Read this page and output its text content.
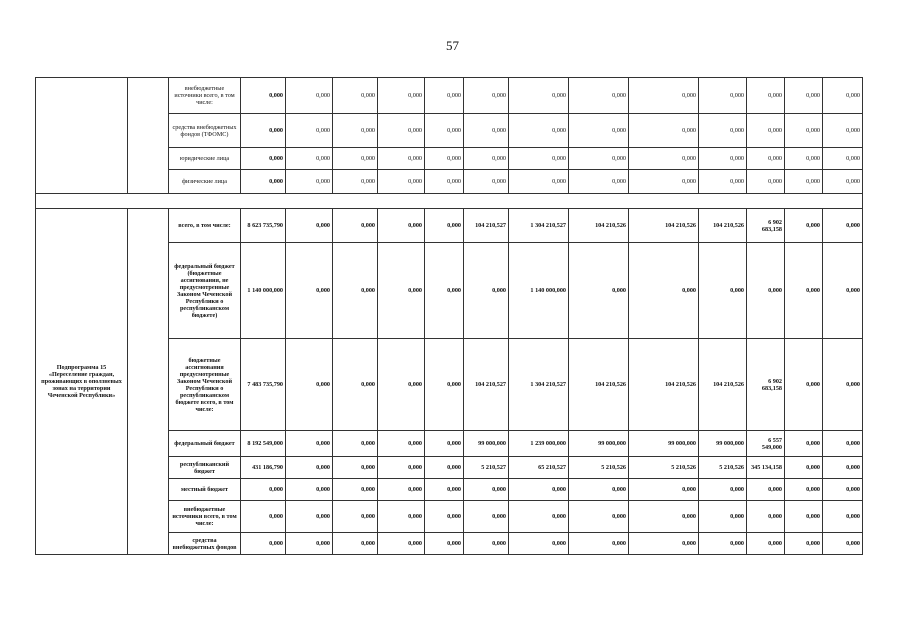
57
		внебюджетные источники всего, в том числе:	0,000	0,000	0,000	0,000	0,000	0,000	0,000	0,000	0,000	0,000	0,000	0,000	0,000
		средства внебюджетных фондов (ТФОМС)	0,000	0,000	0,000	0,000	0,000	0,000	0,000	0,000	0,000	0,000	0,000	0,000	0,000
		юридические лица	0,000	0,000	0,000	0,000	0,000	0,000	0,000	0,000	0,000	0,000	0,000	0,000	0,000
		физические лица	0,000	0,000	0,000	0,000	0,000	0,000	0,000	0,000	0,000	0,000	0,000	0,000	0,000

Подпрограмма 15 «Переселение граждан, проживающих в оползневых зонах на территории Чеченской Республики»		всего, в том числе:	8 623 735,790	0,000	0,000	0,000	0,000	104 210,527	1 304 210,527	104 210,526	104 210,526	104 210,526	6 902 683,158	0,000	0,000
		федеральный бюджет (бюджетные ассигнования, не предусмотренные Законом Чеченской Республики о республиканском бюджете)	1 140 000,000	0,000	0,000	0,000	0,000	0,000	1 140 000,000	0,000	0,000	0,000	0,000	0,000	0,000
		бюджетные ассигнования предусмотренные Законом Чеченской Республики о республиканском бюджете всего, в том числе:	7 483 735,790	0,000	0,000	0,000	0,000	104 210,527	1 304 210,527	104 210,526	104 210,526	104 210,526	6 902 683,158	0,000	0,000
		федеральный бюджет	8 192 549,000	0,000	0,000	0,000	0,000	99 000,000	1 239 000,000	99 000,000	99 000,000	99 000,000	6 557 549,000	0,000	0,000
		республиканский бюджет	431 186,790	0,000	0,000	0,000	0,000	5 210,527	65 210,527	5 210,526	5 210,526	5 210,526	345 134,158	0,000	0,000
		местный бюджет	0,000	0,000	0,000	0,000	0,000	0,000	0,000	0,000	0,000	0,000	0,000	0,000	0,000
		внебюджетные источники всего, в том числе:	0,000	0,000	0,000	0,000	0,000	0,000	0,000	0,000	0,000	0,000	0,000	0,000	0,000
		средства внебюджетных фондов	0,000	0,000	0,000	0,000	0,000	0,000	0,000	0,000	0,000	0,000	0,000	0,000	0,000
